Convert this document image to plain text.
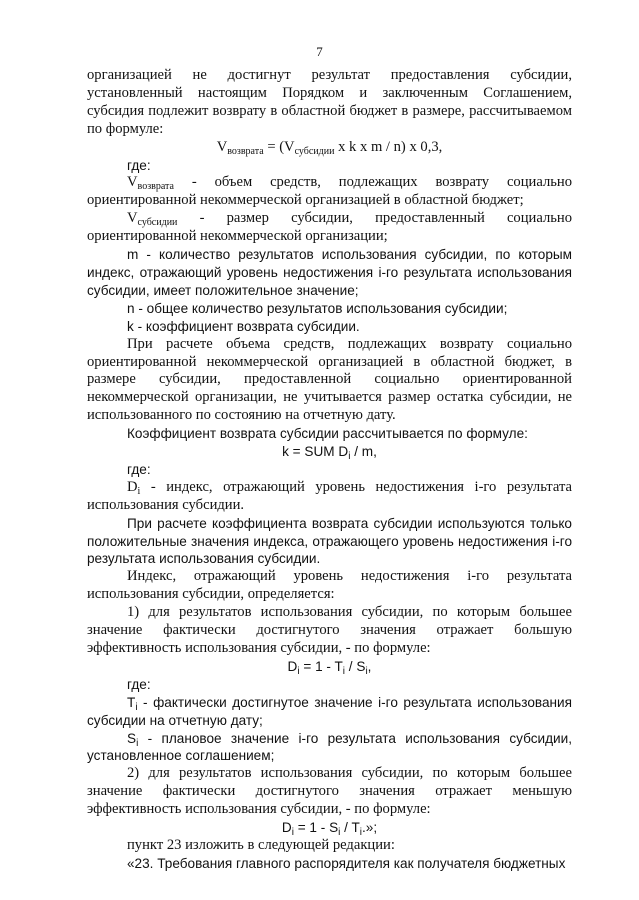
7

организацией не достигнут результат предоставления субсидии, установленный настоящим Порядком и заключенным Соглашением, субсидия подлежит возврату в областной бюджет в размере, рассчитываемом по формуле:

$V_{возврата} = (V_{субсидии}$ x k x m / n) x 0,3,

где:

$V_{возврата}$ - объем средств, подлежащих возврату социально ориентированной некоммерческой организацией в областной бюджет;

$V_{субсидии}$ - размер субсидии, предоставленный социально ориентированной некоммерческой организации;

m - количество результатов использования субсидии, по которым индекс, отражающий уровень недостижения i-го результата использования субсидии, имеет положительное значение;

n - общее количество результатов использования субсидии;

k - коэффициент возврата субсидии.

При расчете объема средств, подлежащих возврату социально ориентированной некоммерческой организацией в областной бюджет, в размере субсидии, предоставленной социально ориентированной некоммерческой организации, не учитывается размер остатка субсидии, не использованного по состоянию на отчетную дату.

Коэффициент возврата субсидии рассчитывается по формуле:

k = SUM $D_i$ / m,

где:

$D_i$ - индекс, отражающий уровень недостижения i-го результата использования субсидии.

При расчете коэффициента возврата субсидии используются только положительные значения индекса, отражающего уровень недостижения i-го результата использования субсидии.

Индекс, отражающий уровень недостижения i-го результата использования субсидии, определяется:

1) для результатов использования субсидии, по которым большее значение фактически достигнутого значения отражает большую эффективность использования субсидии, - по формуле:

$D_i = 1 - T_i / S_i$,

где:

$T_i$ - фактически достигнутое значение i-го результата использования субсидии на отчетную дату;

$S_i$ - плановое значение i-го результата использования субсидии, установленное соглашением;

2) для результатов использования субсидии, по которым большее значение фактически достигнутого значения отражает меньшую эффективность использования субсидии, - по формуле:

$D_i = 1 - S_i / T_i$.»;

пункт 23 изложить в следующей редакции:

«23. Требования главного распорядителя как получателя бюджетных
